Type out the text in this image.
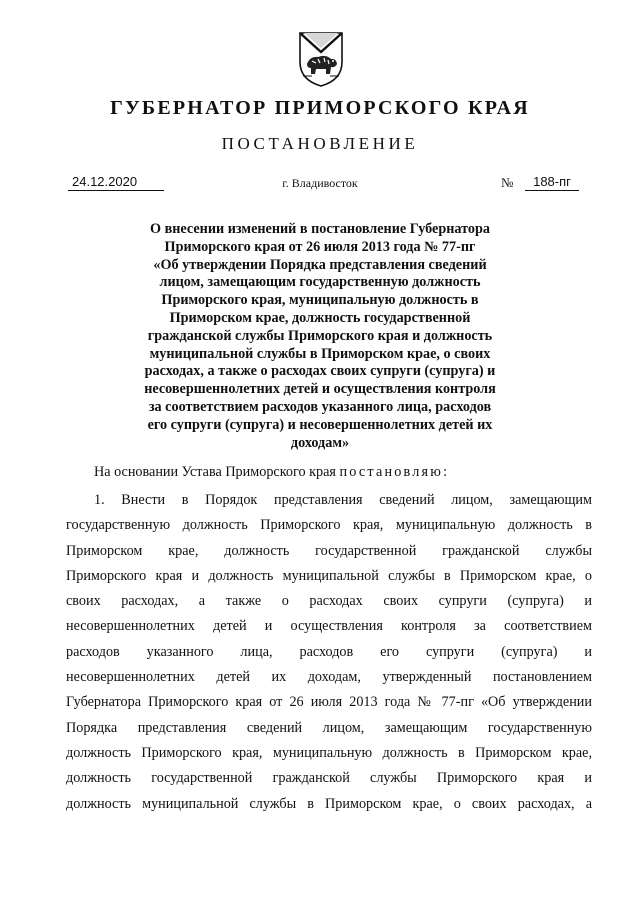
ГУБЕРНАТОР ПРИМОРСКОГО КРАЯ
ПОСТАНОВЛЕНИЕ
24.12.2020	г. Владивосток	№	188-пг
О внесении изменений в постановление Губернатора
Приморского края от 26 июля 2013 года № 77-пг
«Об утверждении Порядка представления сведений
лицом, замещающим государственную должность
Приморского края, муниципальную должность в
Приморском крае, должность государственной
гражданской службы Приморского края и должность
муниципальной службы в Приморском крае, о своих
расходах, а также о расходах своих супруги (супруга) и
несовершеннолетних детей и осуществления контроля
за соответствием расходов указанного лица, расходов
его супруги (супруга) и несовершеннолетних детей их
доходам»
На основании Устава Приморского края постановляю:
1. Внести в Порядок представления сведений лицом, замещающим
государственную должность Приморского края, муниципальную должность в
Приморском крае, должность государственной гражданской службы
Приморского края и должность муниципальной службы в Приморском крае, о
своих расходах, а также о расходах своих супруги (супруга) и
несовершеннолетних детей и осуществления контроля за соответствием
расходов указанного лица, расходов его супруги (супруга) и
несовершеннолетних детей их доходам, утвержденный постановлением
Губернатора Приморского края от 26 июля 2013 года № 77-пг «Об утверждении
Порядка представления сведений лицом, замещающим государственную
должность Приморского края, муниципальную должность в Приморском крае,
должность государственной гражданской службы Приморского края и
должность муниципальной службы в Приморском крае, о своих расходах, а
